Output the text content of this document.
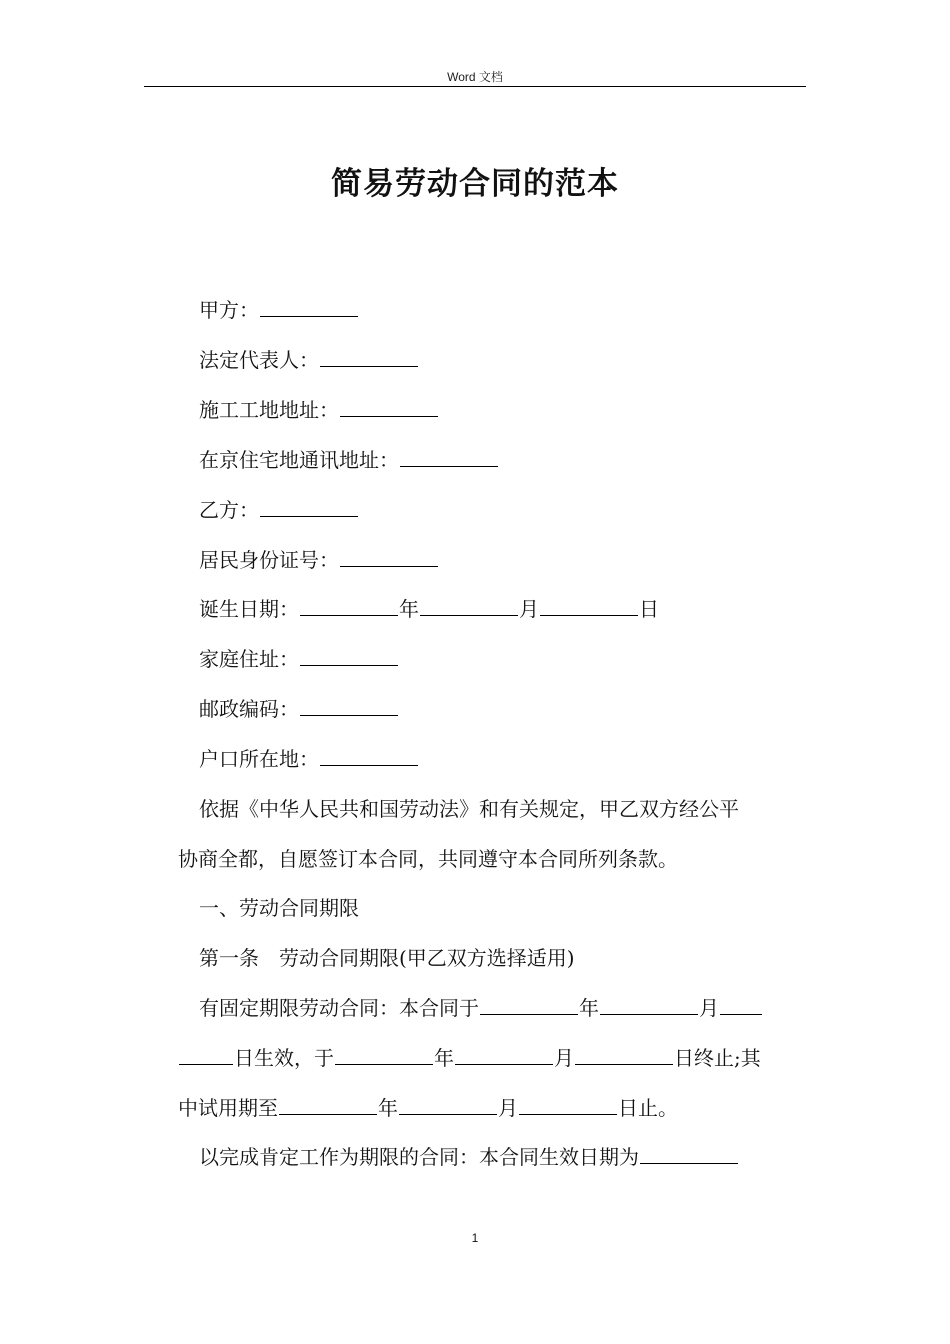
Word 文档
简易劳动合同的范本
甲方：
法定代表人：
施工工地地址：
在京住宅地通讯地址：
乙方：
居民身份证号：
诞生日期：	年	月	日
家庭住址：
邮政编码：
户口所在地：
依据《中华人民共和国劳动法》和有关规定，甲乙双方经公平
协商全都，自愿签订本合同，共同遵守本合同所列条款。
一、劳动合同期限
第一条　劳动合同期限(甲乙双方选择适用)
有固定期限劳动合同：本合同于	年	月
日生效，于	年	月	日终止;其
中试用期至	年	月	日止。
以完成肯定工作为期限的合同：本合同生效日期为
1
